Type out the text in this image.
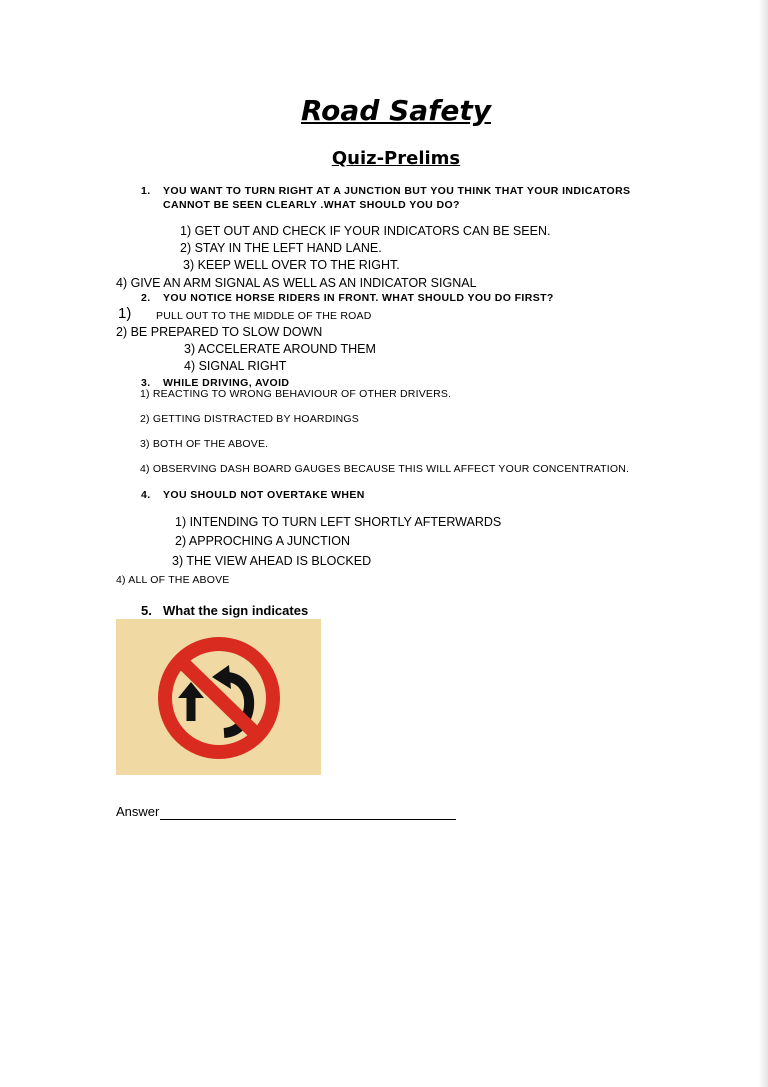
Road Safety
Quiz-Prelims
1. YOU WANT TO TURN RIGHT AT A JUNCTION BUT YOU THINK THAT YOUR INDICATORS
CANNOT BE SEEN CLEARLY .WHAT SHOULD YOU DO?
1) GET OUT AND CHECK IF YOUR INDICATORS CAN BE SEEN.
2) STAY IN THE LEFT HAND LANE.
3) KEEP WELL OVER TO THE RIGHT.
4) GIVE AN ARM SIGNAL AS WELL AS AN INDICATOR SIGNAL
2. YOU NOTICE HORSE RIDERS IN FRONT. WHAT SHOULD YOU DO FIRST?
1) PULL OUT TO THE MIDDLE OF THE ROAD
2) BE PREPARED TO SLOW DOWN
3) ACCELERATE AROUND THEM
4) SIGNAL RIGHT
3. WHILE DRIVING, AVOID
1) REACTING TO WRONG BEHAVIOUR OF OTHER DRIVERS.
2) GETTING DISTRACTED BY HOARDINGS
3) BOTH OF THE ABOVE.
4) OBSERVING DASH BOARD GAUGES BECAUSE THIS WILL AFFECT YOUR CONCENTRATION.
4. YOU SHOULD NOT OVERTAKE WHEN
1) INTENDING TO TURN LEFT SHORTLY AFTERWARDS
2) APPROCHING A JUNCTION
3) THE VIEW AHEAD IS BLOCKED
4) ALL OF THE ABOVE
5. What the sign indicates
Answer
